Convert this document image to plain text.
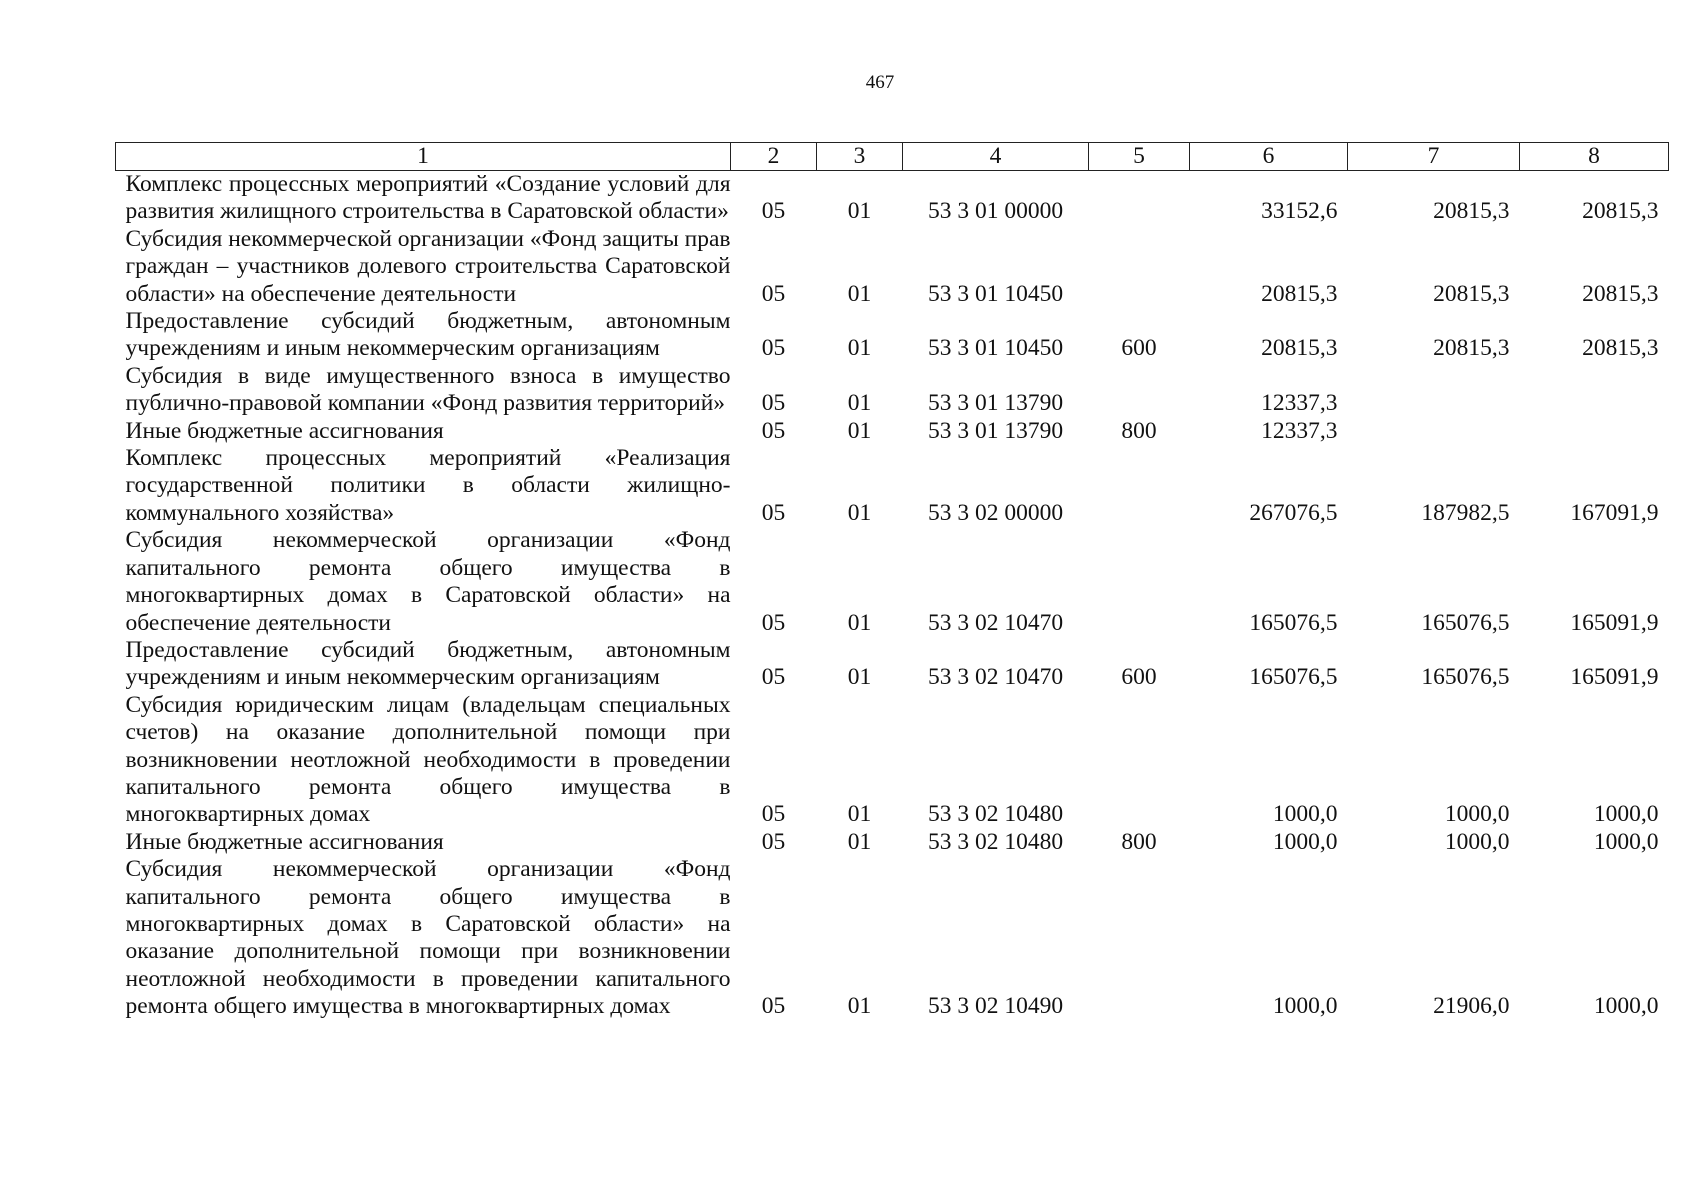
467
1	2	3	4	5	6	7	8
Комплекс процессных мероприятий «Создание условий для развития жилищного строительства в Саратовской области»	05	01	53 3 01 00000		33152,6	20815,3	20815,3
Субсидия некоммерческой организации «Фонд защиты прав граждан – участников долевого строительства Саратовской области» на обеспечение деятельности	05	01	53 3 01 10450		20815,3	20815,3	20815,3
Предоставление субсидий бюджетным, автономным учреждениям и иным некоммерческим организациям	05	01	53 3 01 10450	600	20815,3	20815,3	20815,3
Субсидия в виде имущественного взноса в имущество публично-правовой компании «Фонд развития территорий»	05	01	53 3 01 13790		12337,3		
Иные бюджетные ассигнования	05	01	53 3 01 13790	800	12337,3		
Комплекс процессных мероприятий «Реализация государственной политики в области жилищно-коммунального хозяйства»	05	01	53 3 02 00000		267076,5	187982,5	167091,9
Субсидия некоммерческой организации «Фонд капитального ремонта общего имущества в многоквартирных домах в Саратовской области» на обеспечение деятельности	05	01	53 3 02 10470		165076,5	165076,5	165091,9
Предоставление субсидий бюджетным, автономным учреждениям и иным некоммерческим организациям	05	01	53 3 02 10470	600	165076,5	165076,5	165091,9
Субсидия юридическим лицам (владельцам специальных счетов) на оказание дополнительной помощи при возникновении неотложной необходимости в проведении капитального ремонта общего имущества в многоквартирных домах	05	01	53 3 02 10480		1000,0	1000,0	1000,0
Иные бюджетные ассигнования	05	01	53 3 02 10480	800	1000,0	1000,0	1000,0
Субсидия некоммерческой организации «Фонд капитального ремонта общего имущества в многоквартирных домах в Саратовской области» на оказание дополнительной помощи при возникновении неотложной необходимости в проведении капитального ремонта общего имущества в многоквартирных домах	05	01	53 3 02 10490		1000,0	21906,0	1000,0
